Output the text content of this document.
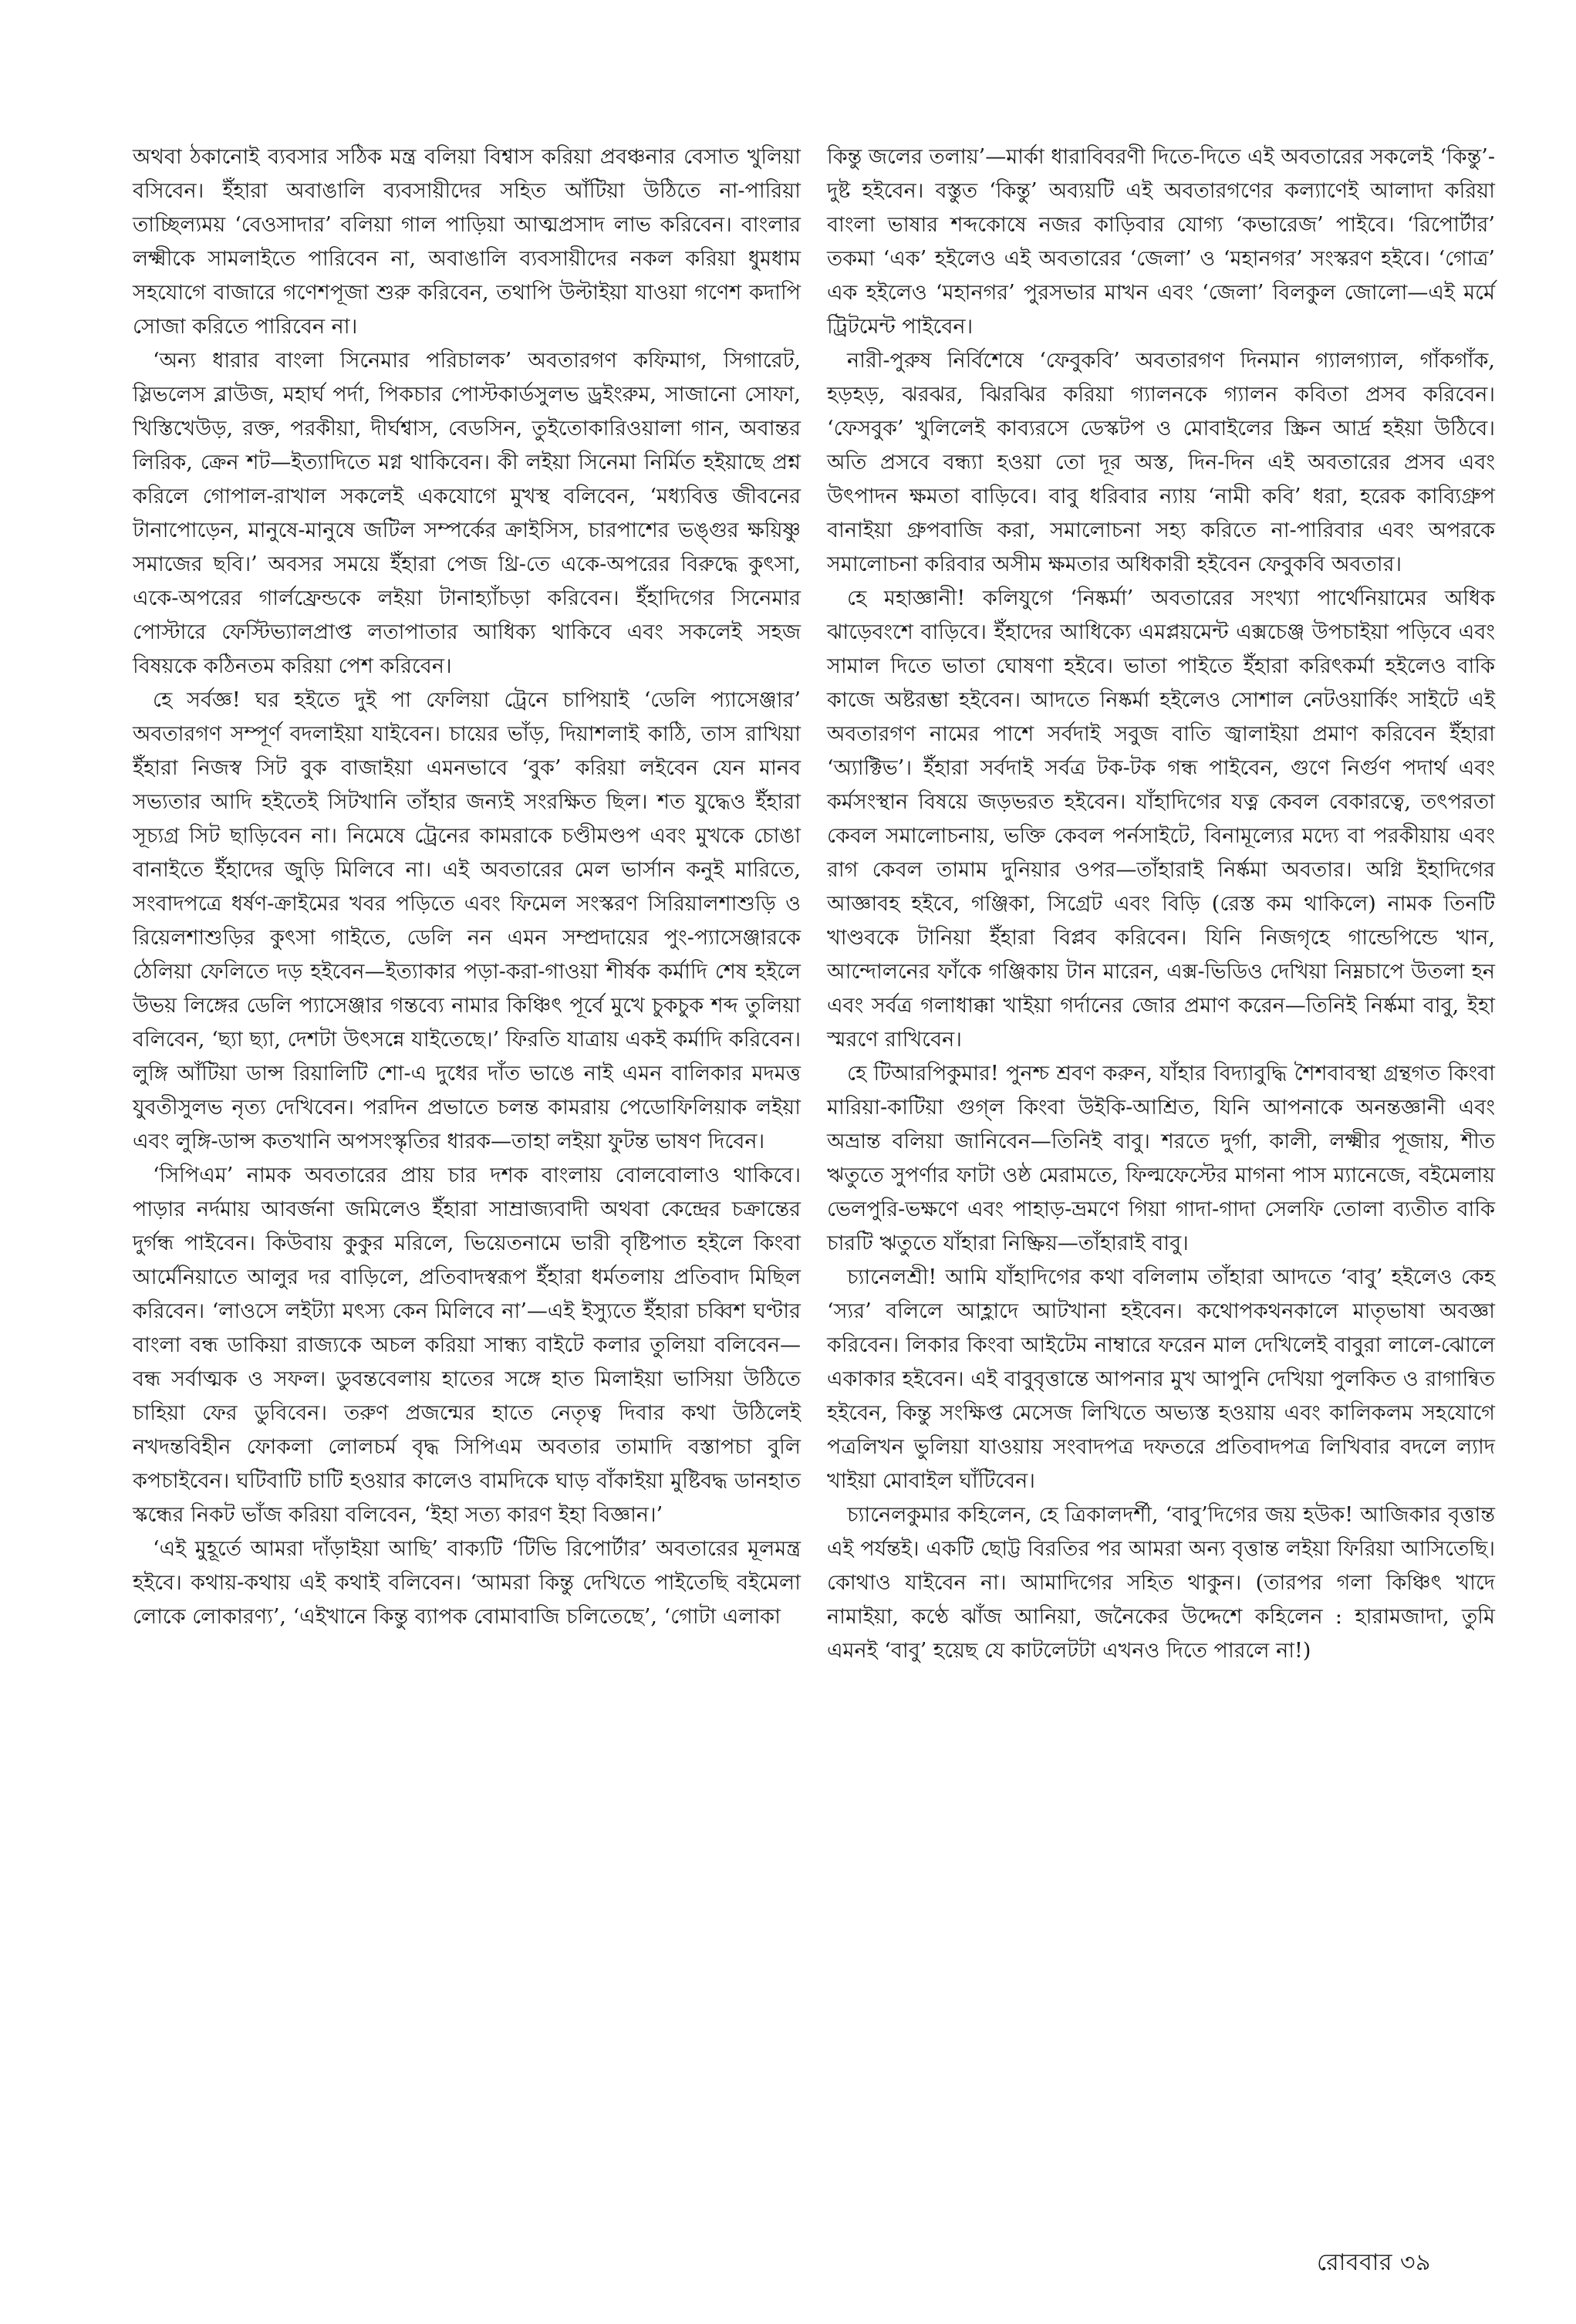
অথবা ঠকানোই ব্যবসার সঠিক মন্ত্র বলিয়া বিশ্বাস করিয়া প্রবঞ্চনার বেসাত খুলিয়া বসিবেন। ইঁহারা অবাঙালি ব্যবসায়ীদের সহিত আঁটিয়া উঠিতে না-পারিয়া তাচ্ছিল্যময় ‘বেওসাদার’ বলিয়া গাল পাড়িয়া আত্মপ্রসাদ লাভ করিবেন। বাংলার লক্ষ্মীকে সামলাইতে পারিবেন না, অবাঙালি ব্যবসায়ীদের নকল করিয়া ধুমধাম সহযোগে বাজারে গণেশপূজা শুরু করিবেন, তথাপি উল্টাইয়া যাওয়া গণেশ কদাপি সোজা করিতে পারিবেন না।

‘অন্য ধারার বাংলা সিনেমার পরিচালক’ অবতারগণ কফিমাগ, সিগারেট, স্লিভলেস ব্লাউজ, মহার্ঘ পর্দা, পিকচার পোস্টকার্ডসুলভ ড্রইংরুম, সাজানো সোফা, খিস্তিখেউড়, রক্ত, পরকীয়া, দীর্ঘশ্বাস, বেডসিন, তুইতোকারিওয়ালা গান, অবান্তর লিরিক, ক্রেন শট—ইত্যাদিতে মগ্ন থাকিবেন। কী লইয়া সিনেমা নির্মিত হইয়াছে প্রশ্ন করিলে গোপাল-রাখাল সকলেই একযোগে মুখস্থ বলিবেন, ‘মধ্যবিত্ত জীবনের টানাপোড়েন, মানুষে-মানুষে জটিল সম্পর্কের ক্রাইসিস, চারপাশের ভঙ্গুর ক্ষয়িষ্ণু সমাজের ছবি।’ অবসর সময়ে ইঁহারা পেজ থ্রি-তে একে-অপরের বিরুদ্ধে কুৎসা, একে-অপরের গার্লফ্রেন্ডকে লইয়া টানাহ্যাঁচড়া করিবেন। ইঁহাদিগের সিনেমার পোস্টারে ফেস্টিভ্যালপ্রাপ্ত লতাপাতার আধিক্য থাকিবে এবং সকলেই সহজ বিষয়কে কঠিনতম করিয়া পেশ করিবেন।

হে সর্বজ্ঞ! ঘর হইতে দুই পা ফেলিয়া ট্রেনে চাপিয়াই ‘ডেলি প্যাসেঞ্জার’ অবতারগণ সম্পূর্ণ বদলাইয়া যাইবেন। চায়ের ভাঁড়, দিয়াশলাই কাঠি, তাস রাখিয়া ইঁহারা নিজস্ব সিট বুক বাজাইয়া এমনভাবে ‘বুক’ করিয়া লইবেন যেন মানব সভ্যতার আদি হইতেই সিটখানি তাঁহার জন্যই সংরক্ষিত ছিল। শত যুদ্ধেও ইঁহারা সূচ্যগ্র সিট ছাড়িবেন না। নিমেষে ট্রেনের কামরাকে চণ্ডীমণ্ডপ এবং মুখকে চোঙা বানাইতে ইঁহাদের জুড়ি মিলিবে না। এই অবতারের মেল ভার্সান কনুই মারিতে, সংবাদপত্রে ধর্ষণ-ক্রাইমের খবর পড়িতে এবং ফিমেল সংস্করণ সিরিয়ালশাশুড়ি ও রিয়েলশাশুড়ির কুৎসা গাইতে, ডেলি নন এমন সম্প্রদায়ের পুং-প্যাসেঞ্জারকে ঠেলিয়া ফেলিতে দড় হইবেন—ইত্যাকার পড়া-করা-গাওয়া শীর্ষক কর্মাদি শেষ হইলে উভয় লিঙ্গের ডেলি প্যাসেঞ্জার গন্তব্যে নামার কিঞ্চিৎ পূর্বে মুখে চুকচুক শব্দ তুলিয়া বলিবেন, ‘ছ্যা ছ্যা, দেশটা উৎসন্নে যাইতেছে।’ ফিরতি যাত্রায় একই কর্মাদি করিবেন। লুঙ্গি আঁটিয়া ডান্স রিয়ালিটি শো-এ দুধের দাঁত ভাঙে নাই এমন বালিকার মদমত্ত যুবতীসুলভ নৃত্য দেখিবেন। পরদিন প্রভাতে চলন্ত কামরায় পেডোফিলিয়াক লইয়া এবং লুঙ্গি-ডান্স কতখানি অপসংস্কৃতির ধারক—তাহা লইয়া ফুটন্ত ভাষণ দিবেন।

‘সিপিএম’ নামক অবতারের প্রায় চার দশক বাংলায় বোলবোলাও থাকিবে। পাড়ার নর্দমায় আবর্জনা জমিলেও ইঁহারা সাম্রাজ্যবাদী অথবা কেন্দ্রের চক্রান্তের দুর্গন্ধ পাইবেন। কিউবায় কুকুর মরিলে, ভিয়েতনামে ভারী বৃষ্টিপাত হইলে কিংবা আর্মেনিয়াতে আলুর দর বাড়িলে, প্রতিবাদস্বরূপ ইঁহারা ধর্মতলায় প্রতিবাদ মিছিল করিবেন। ‘লাওসে লইট্যা মৎস্য কেন মিলিবে না’—এই ইস্যুতে ইঁহারা চব্বিশ ঘণ্টার বাংলা বন্ধ ডাকিয়া রাজ্যকে অচল করিয়া সান্ধ্য বাইটে কলার তুলিয়া বলিবেন—বন্ধ সর্বাত্মক ও সফল। ডুবন্তবেলায় হাতের সঙ্গে হাত মিলাইয়া ভাসিয়া উঠিতে চাহিয়া ফের ডুবিবেন। তরুণ প্রজন্মের হাতে নেতৃত্ব দিবার কথা উঠিলেই নখদন্তবিহীন ফোকলা লোলচর্ম বৃদ্ধ সিপিএম অবতার তামাদি বস্তাপচা বুলি কপচাইবেন। ঘটিবাটি চাটি হওয়ার কালেও বামদিকে ঘাড় বাঁকাইয়া মুষ্টিবদ্ধ ডানহাত স্কন্ধের নিকট ভাঁজ করিয়া বলিবেন, ‘ইহা সত্য কারণ ইহা বিজ্ঞান।’

‘এই মুহূর্তে আমরা দাঁড়াইয়া আছি’ বাক্যটি ‘টিভি রিপোর্টার’ অবতারের মূলমন্ত্র হইবে। কথায়-কথায় এই কথাই বলিবেন। ‘আমরা কিন্তু দেখিতে পাইতেছি বইমেলা লোকে লোকারণ্য’, ‘এইখানে কিন্তু ব্যাপক বোমাবাজি চলিতেছে’, ‘গোটা এলাকা

কিন্তু জলের তলায়’—মার্কা ধারাবিবরণী দিতে-দিতে এই অবতারের সকলেই ‘কিন্তু’-দুষ্ট হইবেন। বস্তুত ‘কিন্তু’ অব্যয়টি এই অবতারগণের কল্যাণেই আলাদা করিয়া বাংলা ভাষার শব্দকোষে নজর কাড়িবার যোগ্য ‘কভারেজ’ পাইবে। ‘রিপোর্টার’ তকমা ‘এক’ হইলেও এই অবতারের ‘জেলা’ ও ‘মহানগর’ সংস্করণ হইবে। ‘গোত্র’ এক হইলেও ‘মহানগর’ পুরসভার মাখন এবং ‘জেলা’ বিলকুল জোলো—এই মর্মে ট্রিটমেন্ট পাইবেন।

নারী-পুরুষ নির্বিশেষে ‘ফেবুকবি’ অবতারগণ দিনমান গ্যালগ্যাল, গাঁকগাঁক, হড়হড়, ঝরঝর, ঝিরঝির করিয়া গ্যালনকে গ্যালন কবিতা প্রসব করিবেন। ‘ফেসবুক’ খুলিলেই কাব্যরসে ডেস্কটপ ও মোবাইলের স্ক্রিন আর্দ্র হইয়া উঠিবে। অতি প্রসবে বন্ধ্যা হওয়া তো দূর অস্ত, দিন-দিন এই অবতারের প্রসব এবং উৎপাদন ক্ষমতা বাড়িবে। বাবু ধরিবার ন্যায় ‘নামী কবি’ ধরা, হরেক কাব্যিগ্রুপ বানাইয়া গ্রুপবাজি করা, সমালোচনা সহ্য করিতে না-পারিবার এবং অপরকে সমালোচনা করিবার অসীম ক্ষমতার অধিকারী হইবেন ফেবুকবি অবতার।

হে মহাজ্ঞানী! কলিযুগে ‘নিষ্কর্মা’ অবতারের সংখ্যা পার্থেনিয়ামের অধিক ঝাড়েবংশে বাড়িবে। ইঁহাদের আধিক্যে এমপ্লয়মেন্ট এক্সচেঞ্জ উপচাইয়া পড়িবে এবং সামাল দিতে ভাতা ঘোষণা হইবে। ভাতা পাইতে ইঁহারা করিৎকর্মা হইলেও বাকি কাজে অষ্টরম্ভা হইবেন। আদতে নিষ্কর্মা হইলেও সোশাল নেটওয়ার্কিং সাইটে এই অবতারগণ নামের পাশে সর্বদাই সবুজ বাতি জ্বালাইয়া প্রমাণ করিবেন ইঁহারা ‘অ্যাক্টিভ’। ইঁহারা সর্বদাই সর্বত্র টক-টক গন্ধ পাইবেন, গুণে নির্গুণ পদার্থ এবং কর্মসংস্থান বিষয়ে জড়ভরত হইবেন। যাঁহাদিগের যত্ন কেবল বেকারত্বে, তৎপরতা কেবল সমালোচনায়, ভক্তি কেবল পর্নসাইটে, বিনামূল্যের মদ্যে বা পরকীয়ায় এবং রাগ কেবল তামাম দুনিয়ার ওপর—তাঁহারাই নির্ষ্কমা অবতার। অগ্নি ইহাদিগের আজ্ঞাবহ হইবে, গঞ্জিকা, সিগ্রেট এবং বিড়ি (রেস্ত কম থাকিলে) নামক তিনটি খাণ্ডবকে টানিয়া ইঁহারা বিপ্লব করিবেন। যিনি নিজগৃহে গান্ডেপিন্ডে খান, আন্দোলনের ফাঁকে গঞ্জিকায় টান মারেন, এক্স-ভিডিও দেখিয়া নিম্নচাপে উতলা হন এবং সর্বত্র গলাধাক্কা খাইয়া গর্দানের জোর প্রমাণ করেন—তিনিই নির্ষ্কমা বাবু, ইহা স্মরণে রাখিবেন।

হে টিআরপিকুমার! পুনশ্চ শ্রবণ করুন, যাঁহার বিদ্যাবুদ্ধি শৈশবাবস্থা গ্রন্থগত কিংবা মারিয়া-কাটিয়া গুগ্‌ল কিংবা উইকি-আশ্রিত, যিনি আপনাকে অনন্তজ্ঞানী এবং অভ্রান্ত বলিয়া জানিবেন—তিনিই বাবু। শরতে দুর্গা, কালী, লক্ষ্মীর পূজায়, শীত ঋতুতে সুপর্ণার ফাটা ওষ্ঠ মেরামতে, ফিল্মফেস্টের মাগনা পাস ম্যানেজে, বইমেলায় ভেলপুরি-ভক্ষণে এবং পাহাড়-ভ্রমণে গিয়া গাদা-গাদা সেলফি তোলা ব্যতীত বাকি চারটি ঋতুতে যাঁহারা নিষ্ক্রিয়—তাঁহারাই বাবু।

চ্যানেলশ্রী! আমি যাঁহাদিগের কথা বলিলাম তাঁহারা আদতে ‘বাবু’ হইলেও কেহ ‘স্যর’ বলিলে আহ্লাদে আটখানা হইবেন। কথোপকথনকালে মাতৃভাষা অবজ্ঞা করিবেন। লিকার কিংবা আইটেম নাম্বারে ফরেন মাল দেখিলেই বাবুরা লালে-ঝোলে একাকার হইবেন। এই বাবুবৃত্তান্তে আপনার মুখ আপুনি দেখিয়া পুলকিত ও রাগান্বিত হইবেন, কিন্তু সংক্ষিপ্ত মেসেজ লিখিতে অভ্যস্ত হওয়ায় এবং কালিকলম সহযোগে পত্রলিখন ভুলিয়া যাওয়ায় সংবাদপত্র দফতরে প্রতিবাদপত্র লিখিবার বদলে ল্যাদ খাইয়া মোবাইল ঘাঁটিবেন।

চ্যানেলকুমার কহিলেন, হে ত্রিকালদর্শী, ‘বাবু’দিগের জয় হউক! আজিকার বৃত্তান্ত এই পর্যন্তই। একটি ছোট্ট বিরতির পর আমরা অন্য বৃত্তান্ত লইয়া ফিরিয়া আসিতেছি। কোথাও যাইবেন না। আমাদিগের সহিত থাকুন। (তারপর গলা কিঞ্চিৎ খাদে নামাইয়া, কণ্ঠে ঝাঁজ আনিয়া, জনৈকের উদ্দেশে কহিলেন : হারামজাদা, তুমি এমনই ‘বাবু’ হয়েছ যে কাটলেটটা এখনও দিতে পারলে না!)

রোববার ৩৯
